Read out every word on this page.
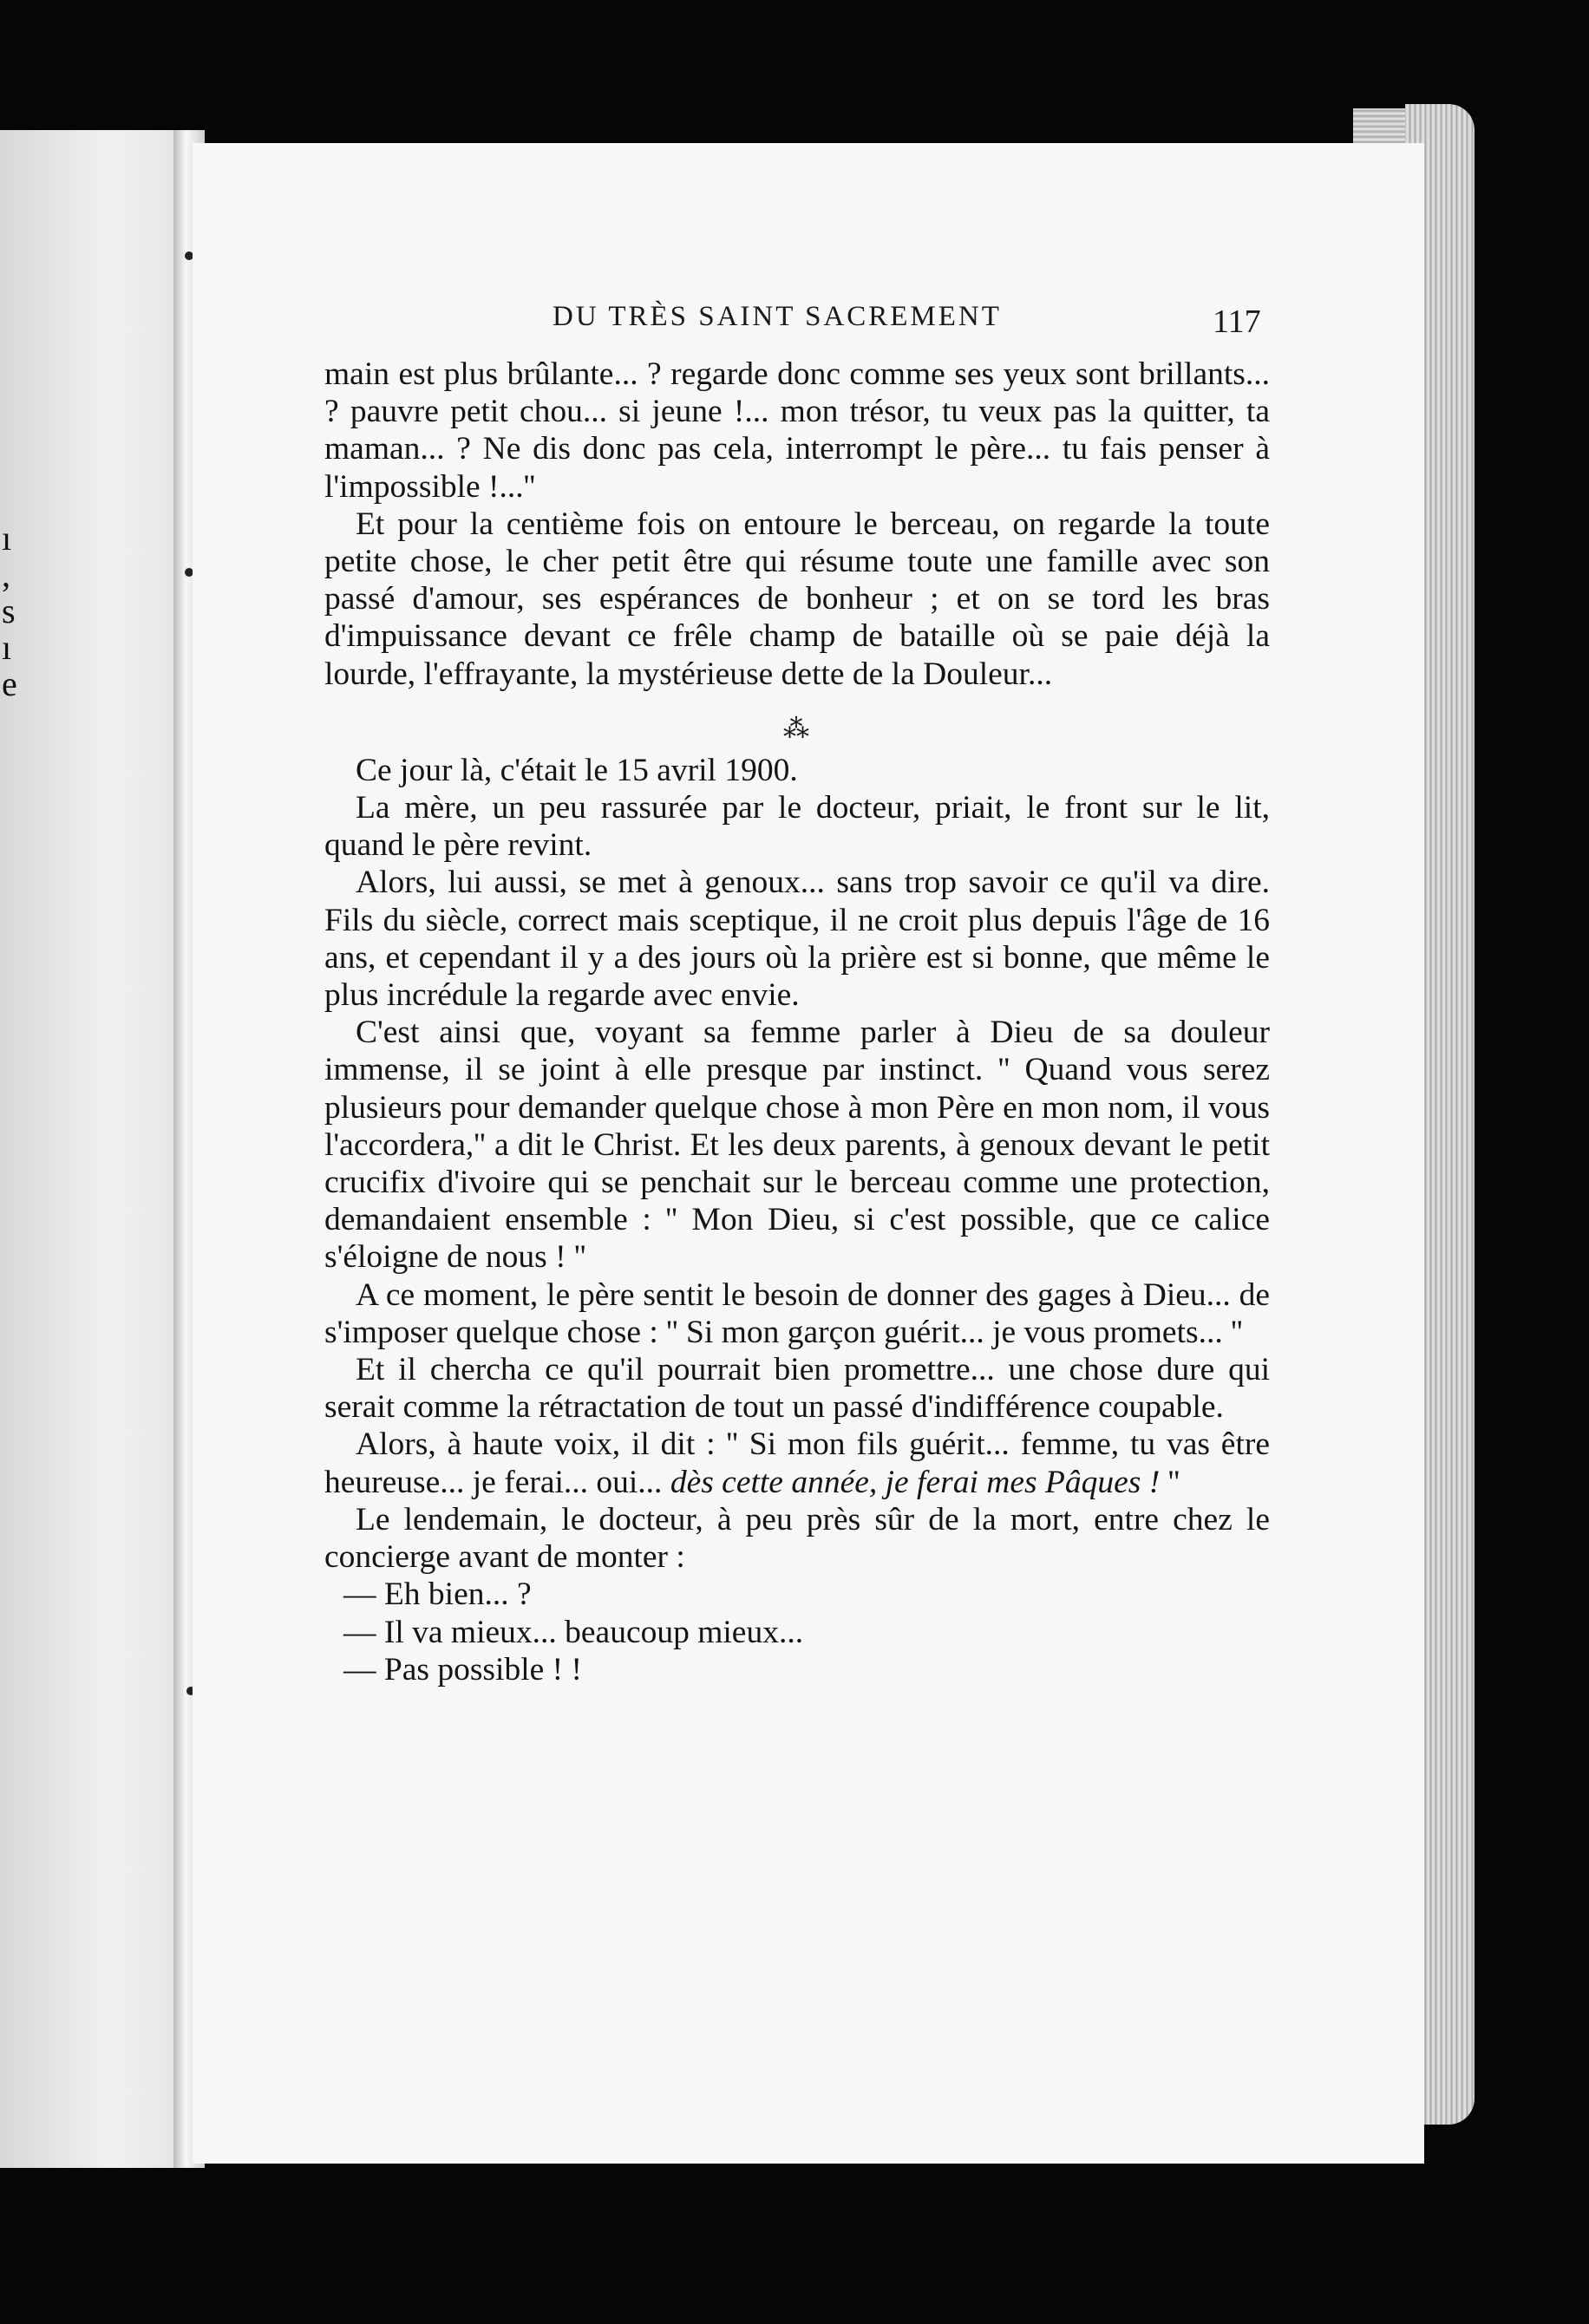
ı
,
s
ı
e
DU TRÈS SAINT SACREMENT	117

main est plus brûlante... ? regarde donc comme ses yeux sont brillants... ? pauvre petit chou... si jeune !... mon trésor, tu veux pas la quitter, ta maman... ? Ne dis donc pas cela, interrompt le père... tu fais penser à l'impossible !...''

Et pour la centième fois on entoure le berceau, on regarde la toute petite chose, le cher petit être qui résume toute une famille avec son passé d'amour, ses espérances de bonheur ; et on se tord les bras d'impuissance devant ce frêle champ de bataille où se paie déjà la lourde, l'effrayante, la mystérieuse dette de la Douleur...

⁂

Ce jour là, c'était le 15 avril 1900.

La mère, un peu rassurée par le docteur, priait, le front sur le lit, quand le père revint.

Alors, lui aussi, se met à genoux... sans trop savoir ce qu'il va dire. Fils du siècle, correct mais sceptique, il ne croit plus depuis l'âge de 16 ans, et cependant il y a des jours où la prière est si bonne, que même le plus incrédule la regarde avec envie.

C'est ainsi que, voyant sa femme parler à Dieu de sa douleur immense, il se joint à elle presque par instinct. '' Quand vous serez plusieurs pour demander quelque chose à mon Père en mon nom, il vous l'accordera,'' a dit le Christ. Et les deux parents, à genoux devant le petit crucifix d'ivoire qui se penchait sur le berceau comme une protection, demandaient ensemble : '' Mon Dieu, si c'est possible, que ce calice s'éloigne de nous ! ''

A ce moment, le père sentit le besoin de donner des gages à Dieu... de s'imposer quelque chose : '' Si mon garçon guérit... je vous promets... ''

Et il chercha ce qu'il pourrait bien promettre... une chose dure qui serait comme la rétractation de tout un passé d'indifférence coupable.

Alors, à haute voix, il dit : '' Si mon fils guérit... femme, tu vas être heureuse... je ferai... oui... dès cette année, je ferai mes Pâques ! ''

Le lendemain, le docteur, à peu près sûr de la mort, entre chez le concierge avant de monter :

— Eh bien... ?

— Il va mieux... beaucoup mieux...

— Pas possible ! !
